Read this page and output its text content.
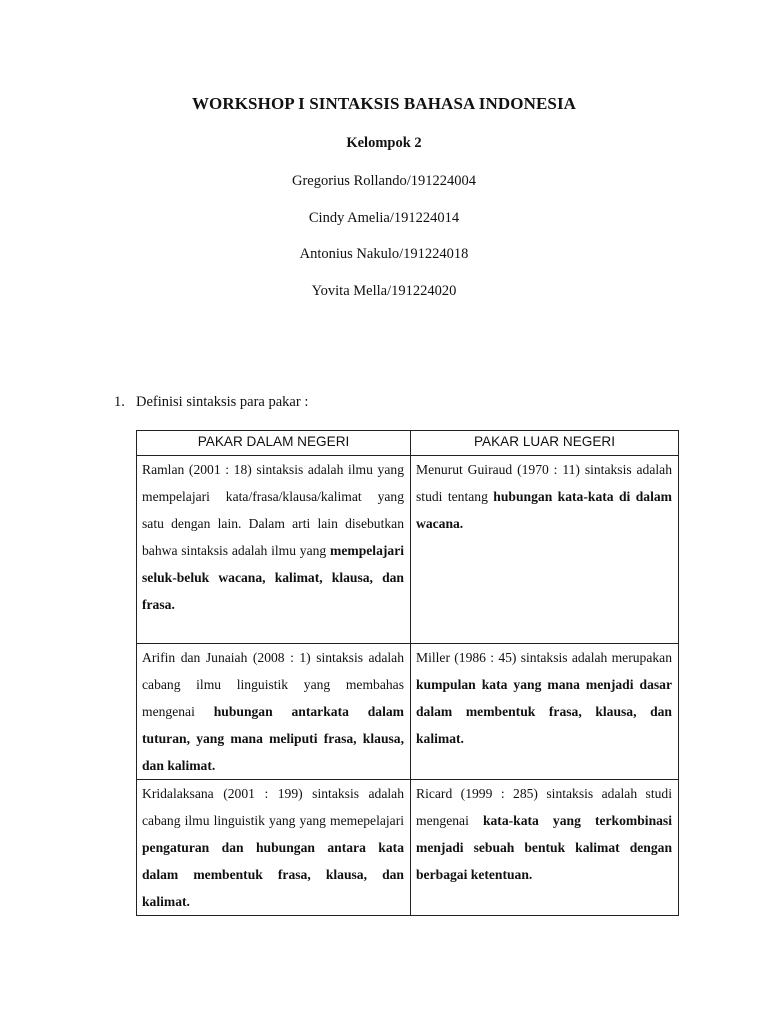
WORKSHOP I SINTAKSIS BAHASA INDONESIA
Kelompok 2
Gregorius Rollando/191224004
Cindy Amelia/191224014
Antonius Nakulo/191224018
Yovita Mella/191224020
1. Definisi sintaksis para pakar :
PAKAR DALAM NEGERI	PAKAR LUAR NEGERI
Ramlan (2001 : 18) sintaksis adalah ilmu yang mempelajari kata/frasa/klausa/kalimat yang satu dengan lain. Dalam arti lain disebutkan bahwa sintaksis adalah ilmu yang mempelajari seluk-beluk wacana, kalimat, klausa, dan frasa.	Menurut Guiraud (1970 : 11) sintaksis adalah studi tentang hubungan kata-kata di dalam wacana.
Arifin dan Junaiah (2008 : 1) sintaksis adalah cabang ilmu linguistik yang membahas mengenai hubungan antarkata dalam tuturan, yang mana meliputi frasa, klausa, dan kalimat.	Miller (1986 : 45) sintaksis adalah merupakan kumpulan kata yang mana menjadi dasar dalam membentuk frasa, klausa, dan kalimat.
Kridalaksana (2001 : 199) sintaksis adalah cabang ilmu linguistik yang yang memepelajari pengaturan dan hubungan antara kata dalam membentuk frasa, klausa, dan kalimat.	Ricard (1999 : 285) sintaksis adalah studi mengenai kata-kata yang terkombinasi menjadi sebuah bentuk kalimat dengan berbagai ketentuan.
